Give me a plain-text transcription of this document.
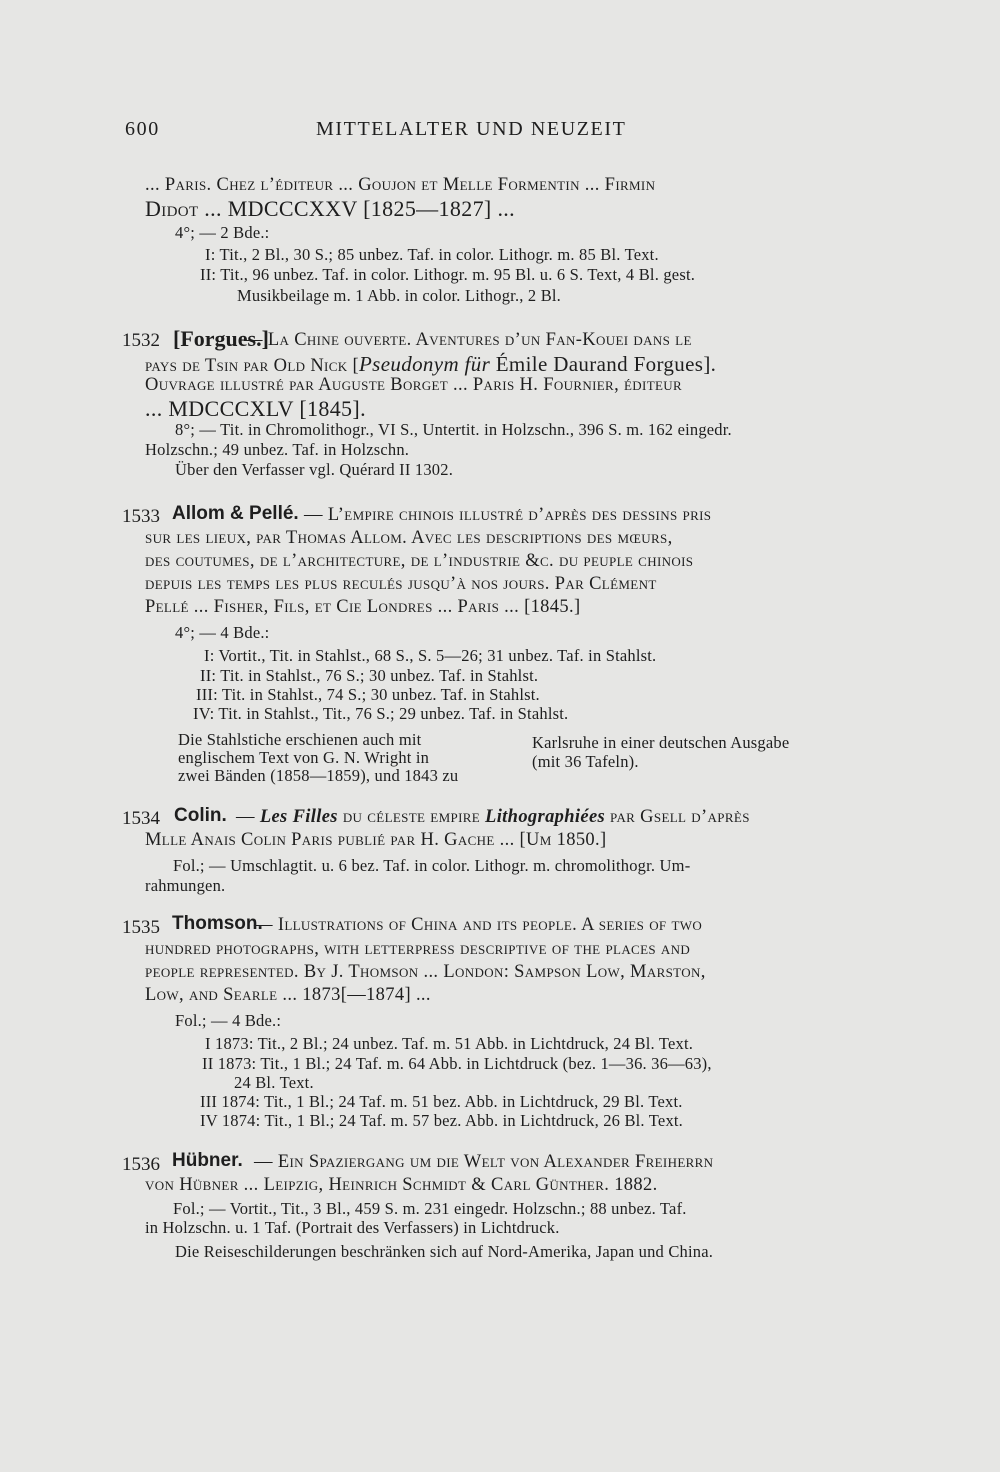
600	MITTELALTER UND NEUZEIT
... Paris. Chez l’éditeur ... Goujon et Melle Formentin ... Firmin
Didot ... MDCCCXXV [1825—1827] ...
4°; — 2 Bde.:
I: Tit., 2 Bl., 30 S.; 85 unbez. Taf. in color. Lithogr. m. 85 Bl. Text.
II: Tit., 96 unbez. Taf. in color. Lithogr. m. 95 Bl. u. 6 S. Text, 4 Bl. gest.
Musikbeilage m. 1 Abb. in color. Lithogr., 2 Bl.
1532 [Forgues.]
— La Chine ouverte. Aventures d’un Fan-Kouei dans le
pays de Tsin par Old Nick [Pseudonym für Émile Daurand Forgues].
Ouvrage illustré par Auguste Borget ... Paris H. Fournier, éditeur
... MDCCCXLV [1845].
8°; — Tit. in Chromolithogr., VI S., Untertit. in Holzschn., 396 S. m. 162 eingedr.
Holzschn.; 49 unbez. Taf. in Holzschn.
Über den Verfasser vgl. Quérard II 1302.
1533 Allom & Pellé. — L’empire chinois illustré d’après des dessins pris
sur les lieux, par Thomas Allom. Avec les descriptions des mœurs,
des coutumes, de l’architecture, de l’industrie &c. du peuple chinois
depuis les temps les plus reculés jusqu’à nos jours. Par Clément
Pellé ... Fisher, Fils, et Cie Londres ... Paris ... [1845.]
4°; — 4 Bde.:
I: Vortit., Tit. in Stahlst., 68 S., S. 5—26; 31 unbez. Taf. in Stahlst.
II: Tit. in Stahlst., 76 S.; 30 unbez. Taf. in Stahlst.
III: Tit. in Stahlst., 74 S.; 30 unbez. Taf. in Stahlst.
IV: Tit. in Stahlst., Tit., 76 S.; 29 unbez. Taf. in Stahlst.
Die Stahlstiche erschienen auch mit
englischem Text von G. N. Wright in
zwei Bänden (1858—1859), und 1843 zu
Karlsruhe in einer deutschen Ausgabe
(mit 36 Tafeln).
1534 Colin. — Les Filles du céleste empire Lithographiées par Gsell d’après
Mlle Anais Colin Paris publié par H. Gache ... [Um 1850.]
Fol.; — Umschlagtit. u. 6 bez. Taf. in color. Lithogr. m. chromolithogr. Um-
rahmungen.
1535 Thomson.
— Illustrations of China and its people. A series of two
hundred photographs, with letterpress descriptive of the places and
people represented. By J. Thomson ... London: Sampson Low, Marston,
Low, and Searle ... 1873[—1874] ...
Fol.; — 4 Bde.:
I 1873: Tit., 2 Bl.; 24 unbez. Taf. m. 51 Abb. in Lichtdruck, 24 Bl. Text.
II 1873: Tit., 1 Bl.; 24 Taf. m. 64 Abb. in Lichtdruck (bez. 1—36. 36—63),
24 Bl. Text.
III 1874: Tit., 1 Bl.; 24 Taf. m. 51 bez. Abb. in Lichtdruck, 29 Bl. Text.
IV 1874: Tit., 1 Bl.; 24 Taf. m. 57 bez. Abb. in Lichtdruck, 26 Bl. Text.
1536 Hübner. — Ein Spaziergang um die Welt von Alexander Freiherrn
von Hübner ... Leipzig, Heinrich Schmidt & Carl Günther. 1882.
Fol.; — Vortit., Tit., 3 Bl., 459 S. m. 231 eingedr. Holzschn.; 88 unbez. Taf.
in Holzschn. u. 1 Taf. (Portrait des Verfassers) in Lichtdruck.
Die Reiseschilderungen beschränken sich auf Nord-Amerika, Japan und China.
